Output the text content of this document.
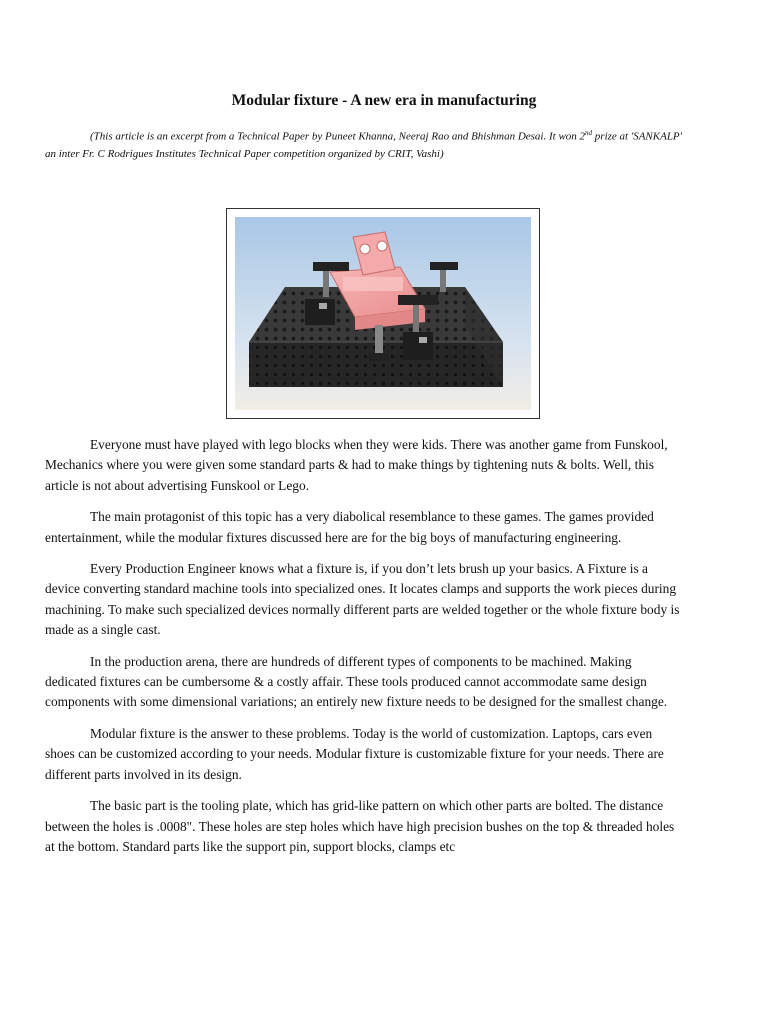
Modular fixture - A new era in manufacturing
(This article is an excerpt from a Technical Paper by Puneet Khanna, Neeraj Rao and Bhishman Desai. It won 2nd prize at 'SANKALP' an inter Fr. C Rodrigues Institutes Technical Paper competition organized by CRIT, Vashi)

Everyone must have played with lego blocks when they were kids. There was another game from Funskool, Mechanics where you were given some standard parts & had to make things by tightening nuts & bolts. Well, this article is not about advertising Funskool or Lego.

The main protagonist of this topic has a very diabolical resemblance to these games. The games provided entertainment, while the modular fixtures discussed here are for the big boys of manufacturing engineering.

Every Production Engineer knows what a fixture is, if you don’t lets brush up your basics. A Fixture is a device converting standard machine tools into specialized ones. It locates clamps and supports the work pieces during machining. To make such specialized devices normally different parts are welded together or the whole fixture body is made as a single cast.

In the production arena, there are hundreds of different types of components to be machined. Making dedicated fixtures can be cumbersome & a costly affair. These tools produced cannot accommodate same design components with some dimensional variations; an entirely new fixture needs to be designed for the smallest change.

Modular fixture is the answer to these problems. Today is the world of customization. Laptops, cars even shoes can be customized according to your needs. Modular fixture is customizable fixture for your needs. There are different parts involved in its design.

The basic part is the tooling plate, which has grid-like pattern on which other parts are bolted. The distance between the holes is .0008". These holes are step holes which have high precision bushes on the top & threaded holes at the bottom. Standard parts like the support pin, support blocks, clamps etc
